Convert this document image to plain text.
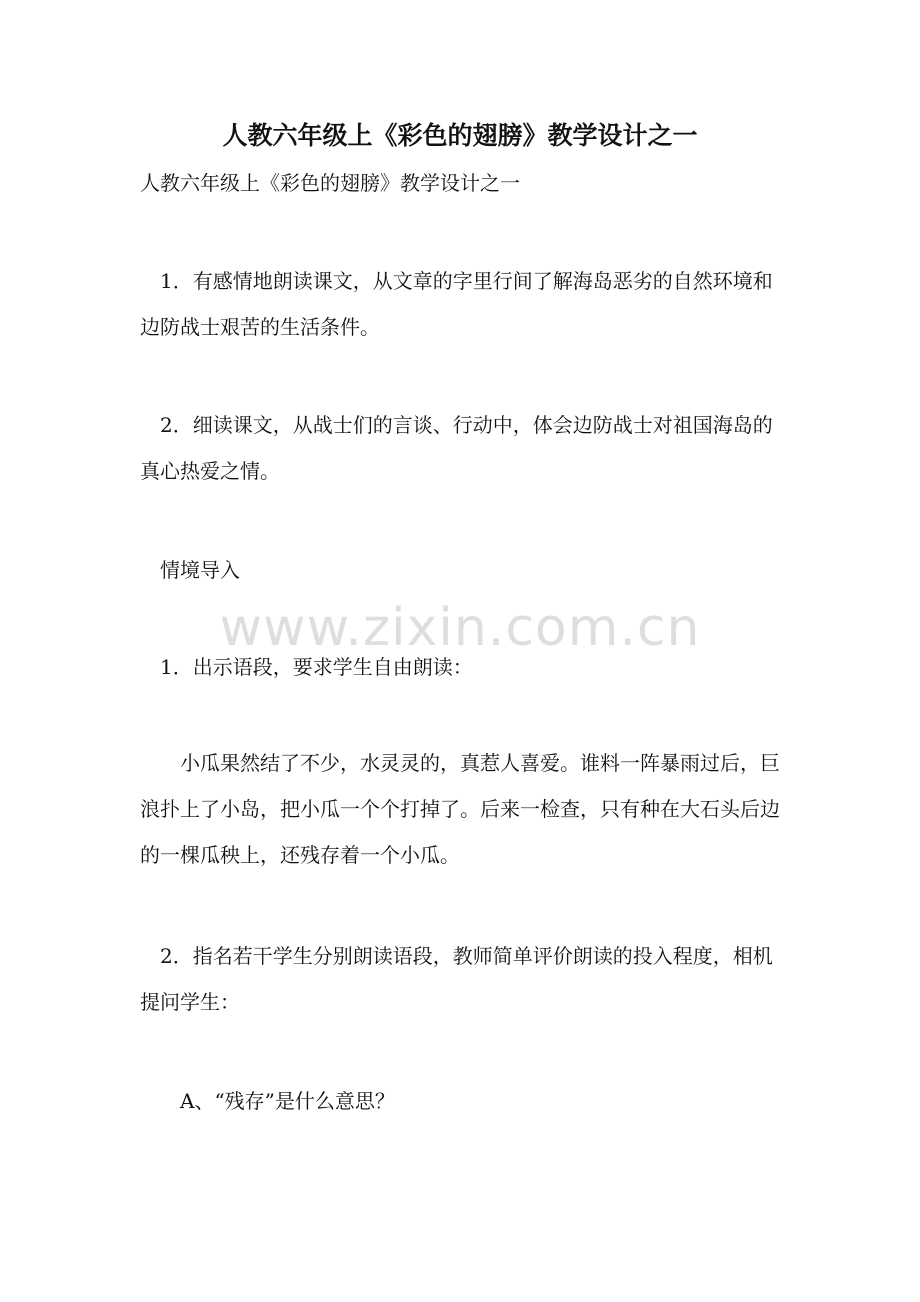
人教六年级上《彩色的翅膀》教学设计之一

人教六年级上《彩色的翅膀》教学设计之一

　1．有感情地朗读课文，从文章的字里行间了解海岛恶劣的自然环境和边防战士艰苦的生活条件。

　2．细读课文，从战士们的言谈、行动中，体会边防战士对祖国海岛的真心热爱之情。

　情境导入

www.zixin.com.cn

　1．出示语段，要求学生自由朗读：

　　小瓜果然结了不少，水灵灵的，真惹人喜爱。谁料一阵暴雨过后，巨浪扑上了小岛，把小瓜一个个打掉了。后来一检查，只有种在大石头后边的一棵瓜秧上，还残存着一个小瓜。

　2．指名若干学生分别朗读语段，教师简单评价朗读的投入程度，相机提问学生：

　　A、“残存”是什么意思？
